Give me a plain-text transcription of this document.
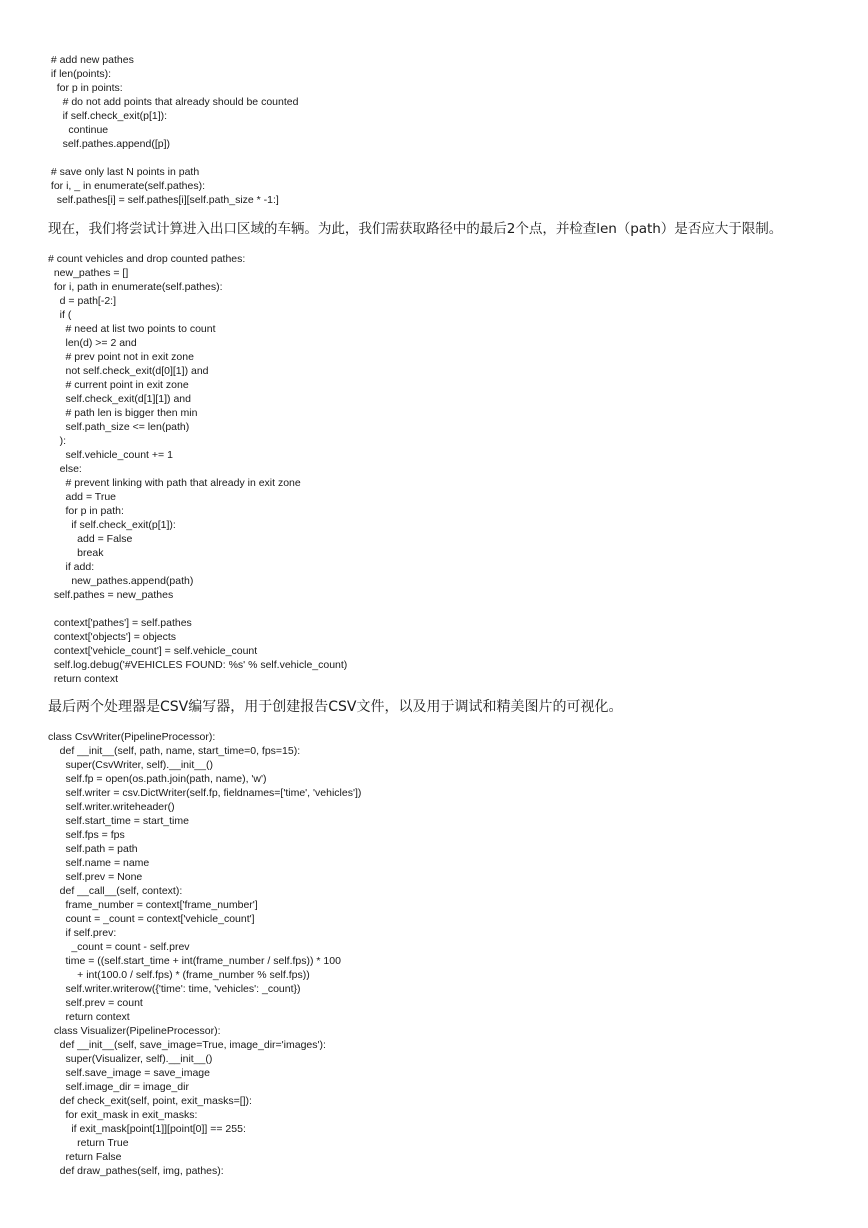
# add new pathes
if len(points):
for p in points:
# do not add points that already should be counted
if self.check_exit(p[1]):
continue
self.pathes.append([p])
# save only last N points in path
for i, _ in enumerate(self.pathes):
self.pathes[i] = self.pathes[i][self.path_size * -1:]

现在，我们将尝试计算进入出口区域的车辆。为此，我们需获取路径中的最后2个点，并检查len（path）是否应大于限制。

# count vehicles and drop counted pathes:
new_pathes = []
for i, path in enumerate(self.pathes):
d = path[-2:]
if (
# need at list two points to count
len(d) >= 2 and
# prev point not in exit zone
not self.check_exit(d[0][1]) and
# current point in exit zone
self.check_exit(d[1][1]) and
# path len is bigger then min
self.path_size <= len(path)
):
self.vehicle_count += 1
else:
# prevent linking with path that already in exit zone
add = True
for p in path:
if self.check_exit(p[1]):
add = False
break
if add:
new_pathes.append(path)
self.pathes = new_pathes
context['pathes'] = self.pathes
context['objects'] = objects
context['vehicle_count'] = self.vehicle_count
self.log.debug('#VEHICLES FOUND: %s' % self.vehicle_count)
return context

最后两个处理器是CSV编写器，用于创建报告CSV文件，以及用于调试和精美图片的可视化。

class CsvWriter(PipelineProcessor):
def __init__(self, path, name, start_time=0, fps=15):
super(CsvWriter, self).__init__()
self.fp = open(os.path.join(path, name), 'w')
self.writer = csv.DictWriter(self.fp, fieldnames=['time', 'vehicles'])
self.writer.writeheader()
self.start_time = start_time
self.fps = fps
self.path = path
self.name = name
self.prev = None
def __call__(self, context):
frame_number = context['frame_number']
count = _count = context['vehicle_count']
if self.prev:
_count = count - self.prev
time = ((self.start_time + int(frame_number / self.fps)) * 100
+ int(100.0 / self.fps) * (frame_number % self.fps))
self.writer.writerow({'time': time, 'vehicles': _count})
self.prev = count
return context
class Visualizer(PipelineProcessor):
def __init__(self, save_image=True, image_dir='images'):
super(Visualizer, self).__init__()
self.save_image = save_image
self.image_dir = image_dir
def check_exit(self, point, exit_masks=[]):
for exit_mask in exit_masks:
if exit_mask[point[1]][point[0]] == 255:
return True
return False
def draw_pathes(self, img, pathes):
